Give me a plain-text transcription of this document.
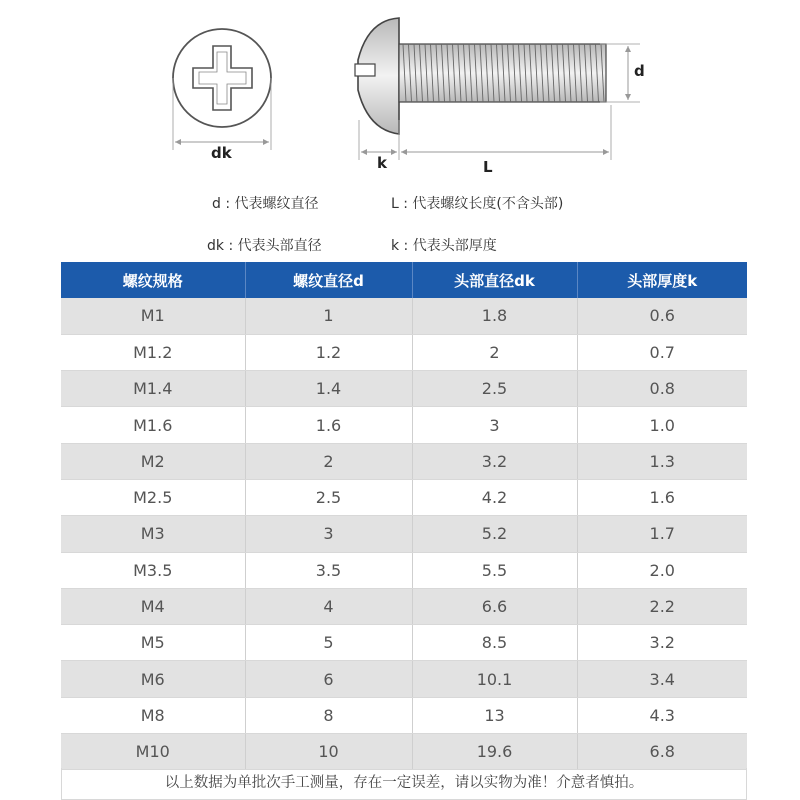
dk
k	L
d
d : 代表螺纹直径	L : 代表螺纹长度(不含头部)
dk : 代表头部直径	k : 代表头部厚度
螺纹规格	螺纹直径d	头部直径dk	头部厚度k
M1	1	1.8	0.6
M1.2	1.2	2	0.7
M1.4	1.4	2.5	0.8
M1.6	1.6	3	1.0
M2	2	3.2	1.3
M2.5	2.5	4.2	1.6
M3	3	5.2	1.7
M3.5	3.5	5.5	2.0
M4	4	6.6	2.2
M5	5	8.5	3.2
M6	6	10.1	3.4
M8	8	13	4.3
M10	10	19.6	6.8
以上数据为单批次手工测量，存在一定误差，请以实物为准！介意者慎拍。
